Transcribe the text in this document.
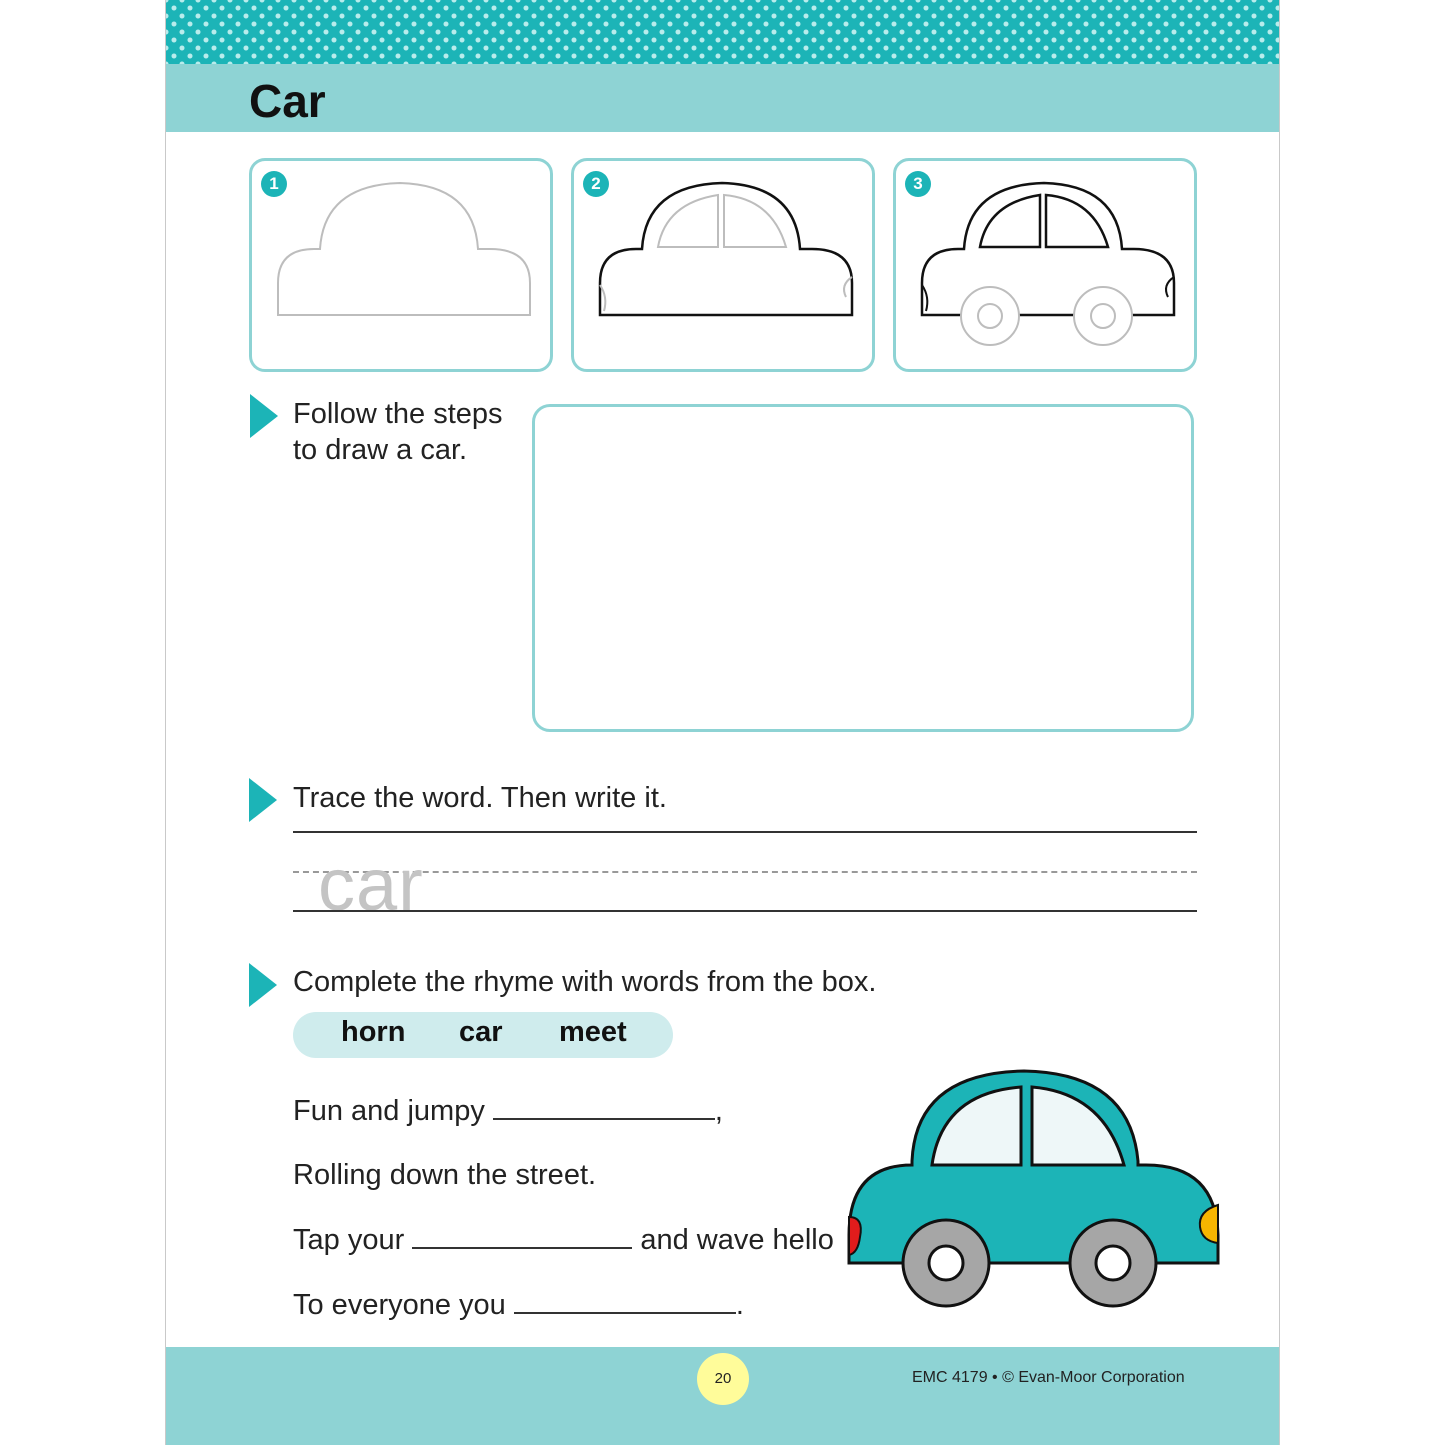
Car
1	2	3
Follow the steps
to draw a car.
Trace the word. Then write it.
car
Complete the rhyme with words from the box.
horn car meet
Fun and jumpy	,
Rolling down the street.
Tap your	and wave hello
To everyone you	.
20	EMC 4179 • © Evan-Moor Corporation
